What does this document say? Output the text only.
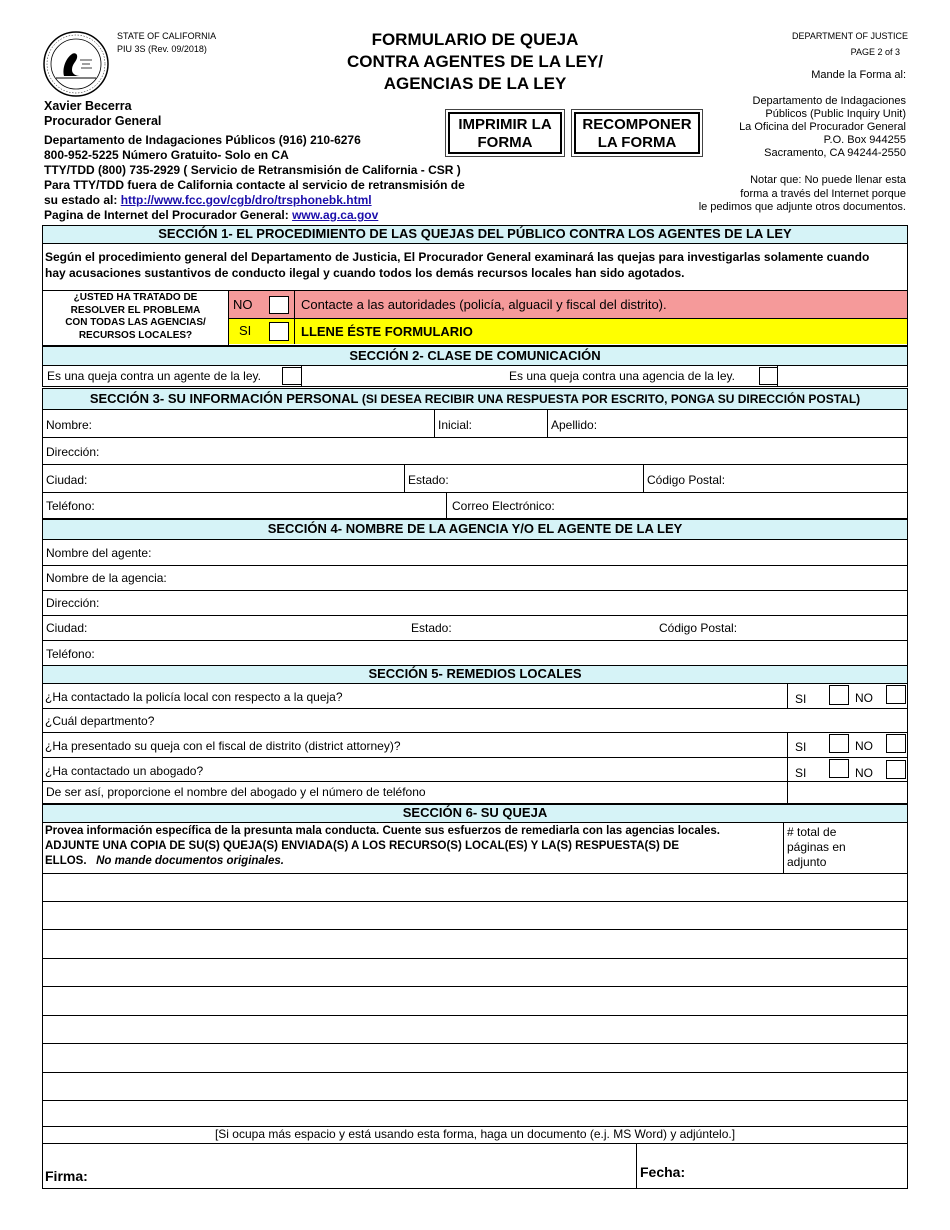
STATE OF CALIFORNIA
PIU 3S (Rev. 09/2018)	FORMULARIO DE QUEJA
CONTRA AGENTES DE LA LEY/
AGENCIAS DE LA LEY
DEPARTMENT OF JUSTICE
PAGE 2 of 3
Xavier Becerra
Procurador General
Departamento de Indagaciones Públicos (916) 210-6276
800-952-5225 Número Gratuito- Solo en CA
TTY/TDD (800) 735-2929 ( Servicio de Retransmisión de California - CSR )
Para TTY/TDD fuera de California contacte al servicio de retransmisión de
su estado al: http://www.fcc.gov/cgb/dro/trsphonebk.html
Pagina de Internet del Procurador General: www.ag.ca.gov
IMPRIMIR LA
FORMA
RECOMPONER
LA FORMA
Mande la Forma al:
Departamento de Indagaciones
Públicos (Public Inquiry Unit)
La Oficina del Procurador General
P.O. Box 944255
Sacramento, CA 94244-2550
Notar que: No puede llenar esta
forma a través del Internet porque
le pedimos que adjunte otros documentos.
SECCIÓN 1- EL PROCEDIMIENTO DE LAS QUEJAS DEL PÚBLICO CONTRA LOS AGENTES DE LA LEY
Según el procedimiento general del Departamento de Justicia, El Procurador General examinará las quejas para investigarlas solamente cuando
hay acusaciones sustantivos de conducto ilegal y cuando todos los demás recursos locales han sido agotados.
¿USTED HA TRATADO DE
RESOLVER EL PROBLEMA
CON TODAS LAS AGENCIAS/
RECURSOS LOCALES?
NO	Contacte a las autoridades (policía, alguacil y fiscal del distrito).
SI	LLENE ÉSTE FORMULARIO
SECCIÓN 2- CLASE DE COMUNICACIÓN
Es una queja contra un agente de la ley.	Es una queja contra una agencia de la ley.
SECCIÓN 3- SU INFORMACIÓN PERSONAL (SI DESEA RECIBIR UNA RESPUESTA POR ESCRITO, PONGA SU DIRECCIÓN POSTAL)
Nombre:	Inicial:	Apellido:
Dirección:
Ciudad:	Estado:	Código Postal:
Teléfono:	Correo Electrónico:
SECCIÓN 4- NOMBRE DE LA AGENCIA Y/O EL AGENTE DE LA LEY
Nombre del agente:
Nombre de la agencia:
Dirección:
Ciudad:	Estado:	Código Postal:
Teléfono:
SECCIÓN 5- REMEDIOS LOCALES
¿Ha contactado la policía local con respecto a la queja?	SI	NO
¿Cuál department​o?
¿Ha presentado su queja con el fiscal de distrito (district attorney)?	SI	NO
¿Ha contactado un abogado?	SI	NO
De ser así, proporcione el nombre del abogado y el número de teléfono
SECCIÓN 6- SU QUEJA
Provea información específica de la presunta mala conducta. Cuente sus esfuerzos de remediarla con las agencias locales.
ADJUNTE UNA COPIA DE SU(S) QUEJA(S) ENVIADA(S) A LOS RECURSO(S) LOCAL(ES) Y LA(S) RESPUESTA(S) DE
ELLOS. No mande documentos originales.
# total de
páginas en
adjunto
[Si ocupa más espacio y está usando esta forma, haga un documento (e.j. MS Word) y adjúntelo.]
Firma:	Fecha:
